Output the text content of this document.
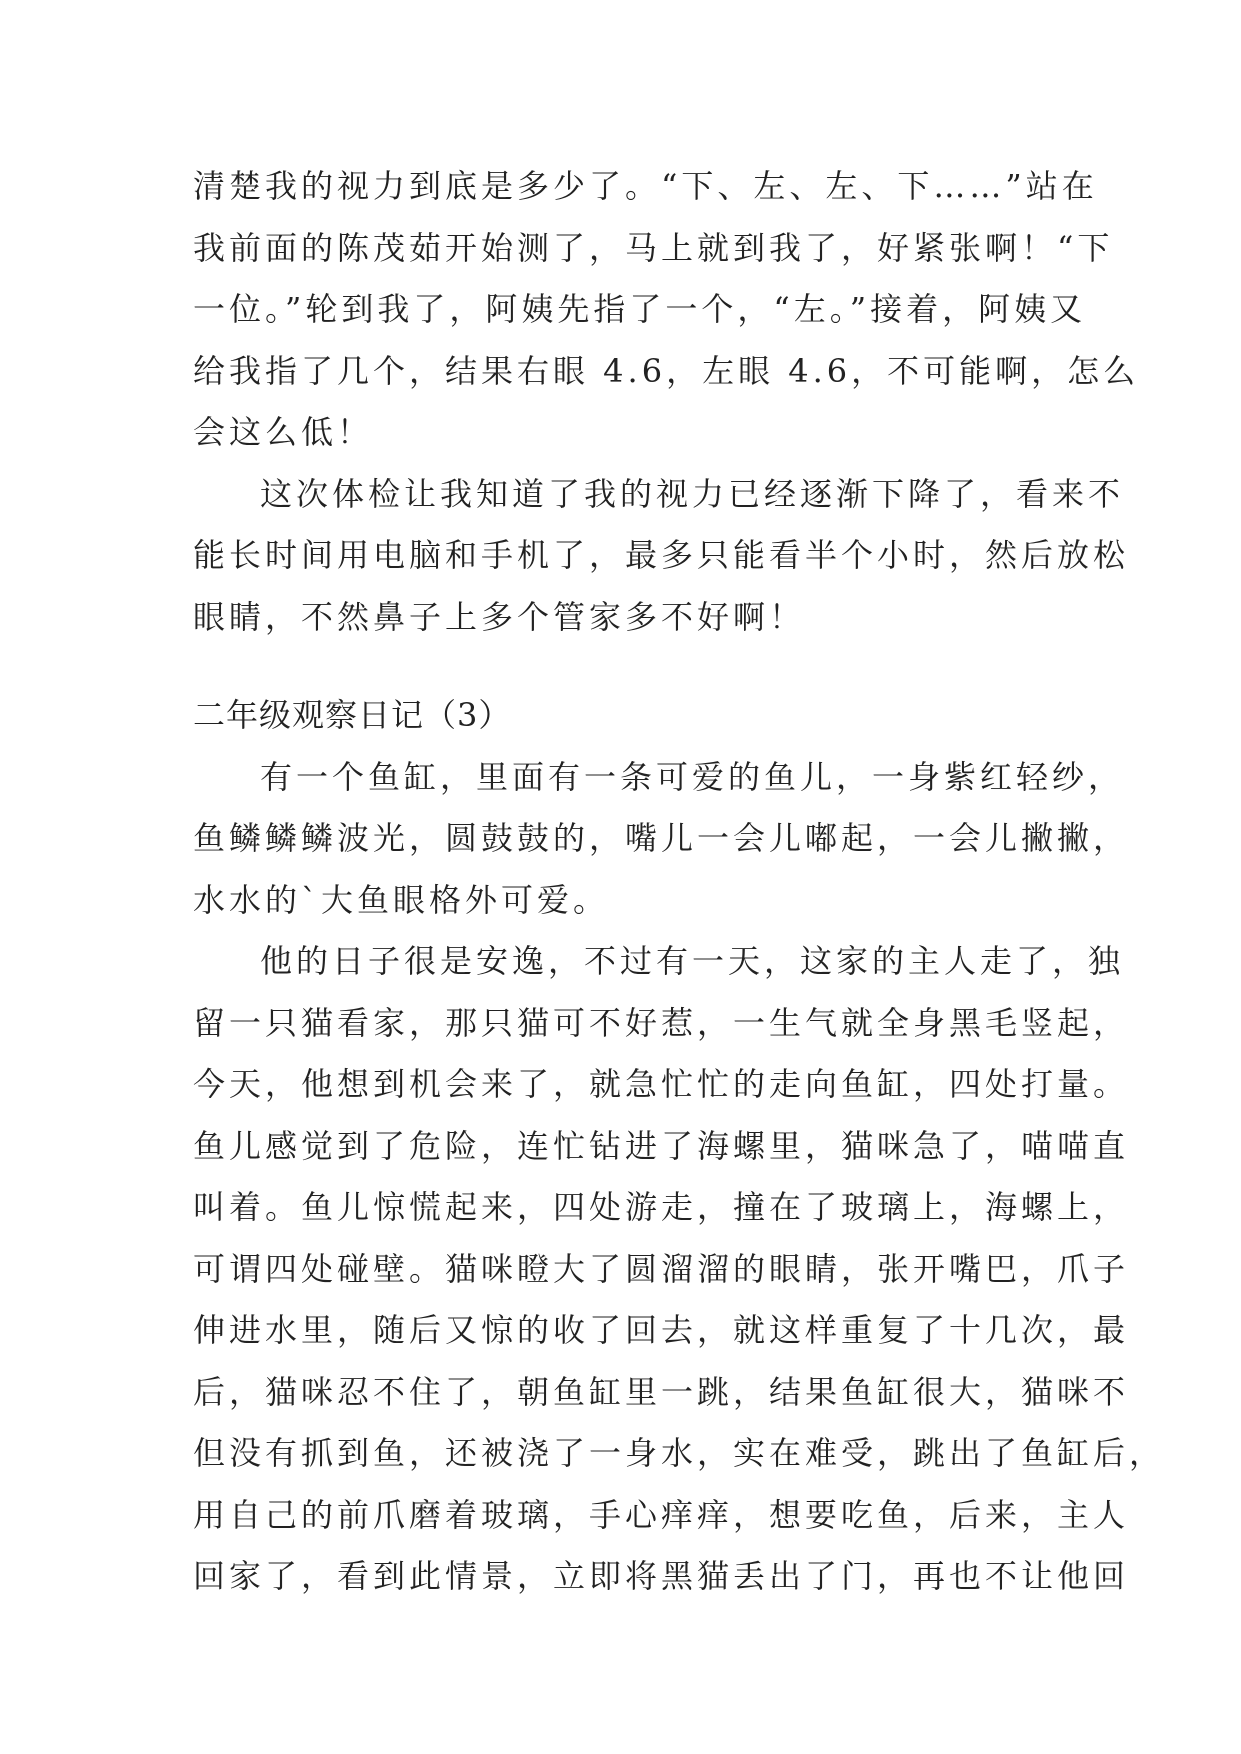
清楚我的视力到底是多少了。“下、左、左、下……”站在
我前面的陈茂茹开始测了，马上就到我了，好紧张啊！“下
一位。”轮到我了，阿姨先指了一个，“左。”接着，阿姨又
给我指了几个，结果右眼 4.6，左眼 4.6，不可能啊，怎么
会这么低！
这次体检让我知道了我的视力已经逐渐下降了，看来不
能长时间用电脑和手机了，最多只能看半个小时，然后放松
眼睛，不然鼻子上多个管家多不好啊！
二年级观察日记（3）
有一个鱼缸，里面有一条可爱的鱼儿，一身紫红轻纱，
鱼鳞鳞鳞波光，圆鼓鼓的，嘴儿一会儿嘟起，一会儿撇撇，
水水的`大鱼眼格外可爱。
他的日子很是安逸，不过有一天，这家的主人走了，独
留一只猫看家，那只猫可不好惹，一生气就全身黑毛竖起，
今天，他想到机会来了，就急忙忙的走向鱼缸，四处打量。
鱼儿感觉到了危险，连忙钻进了海螺里，猫咪急了，喵喵直
叫着。鱼儿惊慌起来，四处游走，撞在了玻璃上，海螺上，
可谓四处碰壁。猫咪瞪大了圆溜溜的眼睛，张开嘴巴，爪子
伸进水里，随后又惊的收了回去，就这样重复了十几次，最
后，猫咪忍不住了，朝鱼缸里一跳，结果鱼缸很大，猫咪不
但没有抓到鱼，还被浇了一身水，实在难受，跳出了鱼缸后，
用自己的前爪磨着玻璃，手心痒痒，想要吃鱼，后来，主人
回家了，看到此情景，立即将黑猫丢出了门，再也不让他回
